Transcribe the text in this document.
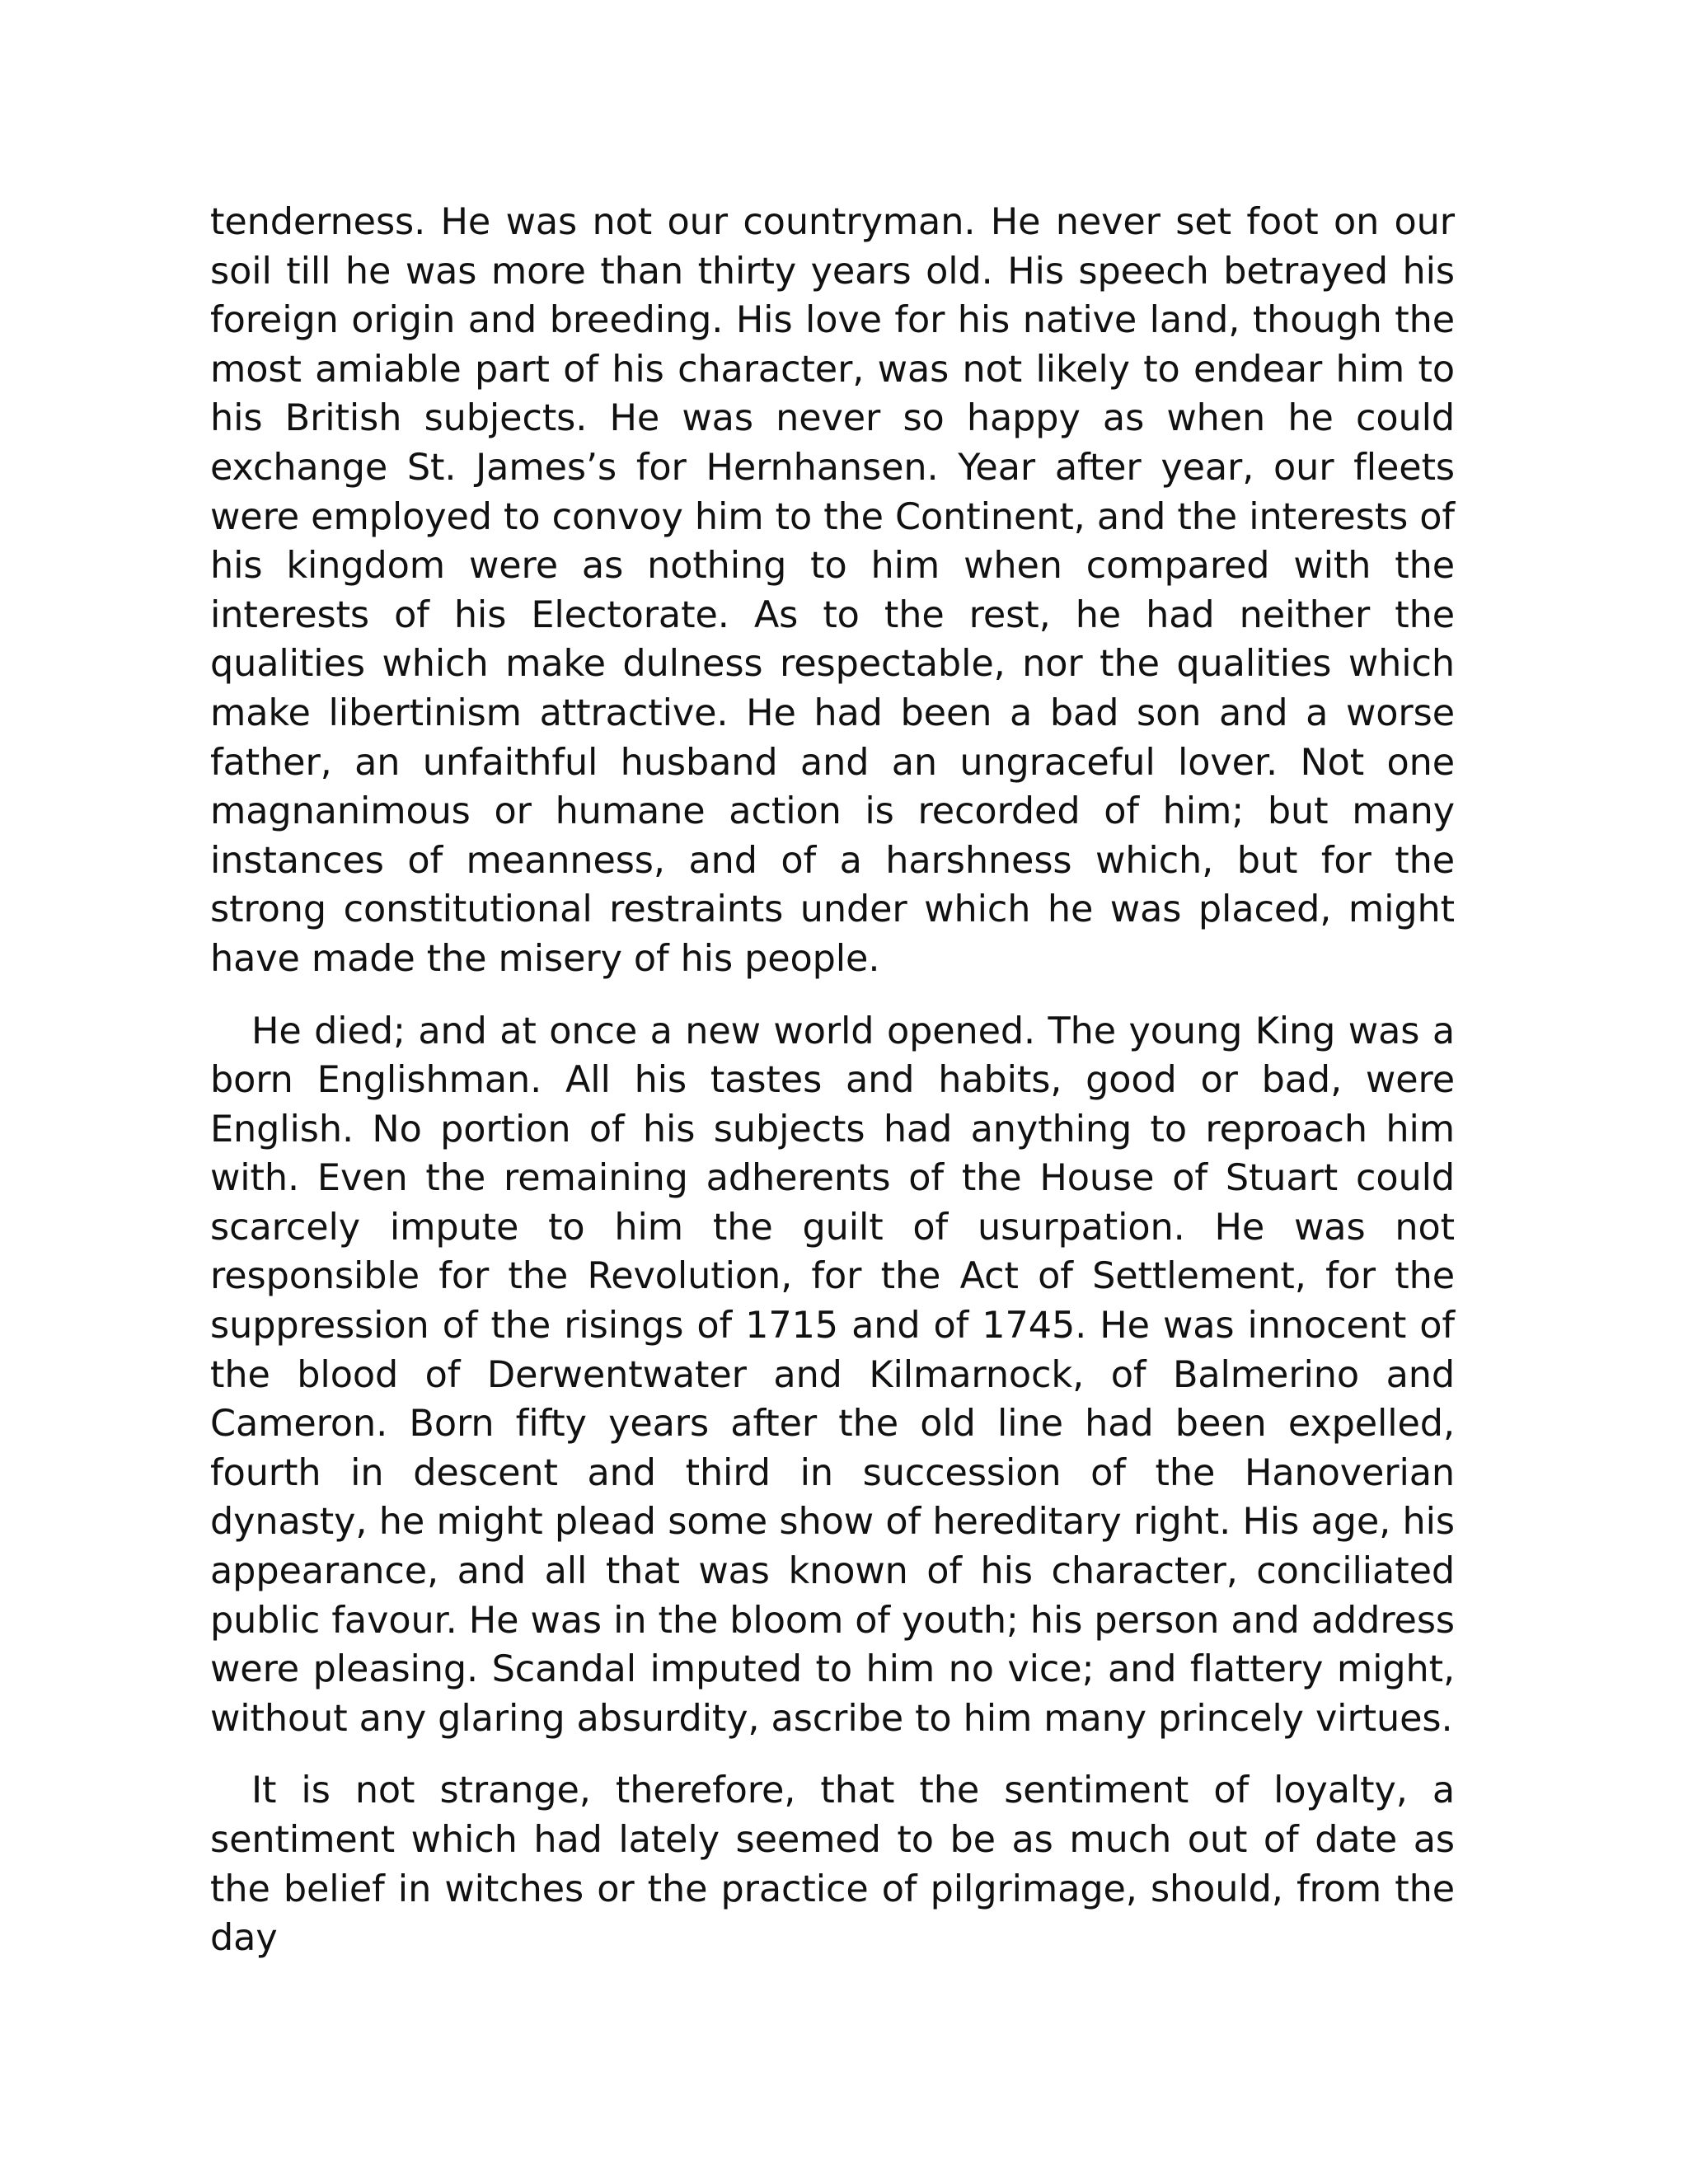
tenderness. He was not our countryman. He never set foot on our soil till he was more than thirty years old. His speech betrayed his foreign origin and breeding. His love for his native land, though the most amiable part of his character, was not likely to endear him to his British subjects. He was never so happy as when he could exchange St. James’s for Hernhansen. Year after year, our fleets were employed to convoy him to the Continent, and the interests of his kingdom were as nothing to him when compared with the interests of his Electorate. As to the rest, he had neither the qualities which make dulness respectable, nor the qualities which make libertinism attractive. He had been a bad son and a worse father, an unfaithful husband and an ungraceful lover. Not one magnanimous or humane action is recorded of him; but many instances of meanness, and of a harshness which, but for the strong constitutional restraints under which he was placed, might have made the misery of his people.

He died; and at once a new world opened. The young King was a born Englishman. All his tastes and habits, good or bad, were English. No portion of his subjects had anything to reproach him with. Even the remaining adherents of the House of Stuart could scarcely impute to him the guilt of usurpation. He was not responsible for the Revolution, for the Act of Settlement, for the suppression of the risings of 1715 and of 1745. He was innocent of the blood of Derwentwater and Kilmarnock, of Balmerino and Cameron. Born fifty years after the old line had been expelled, fourth in descent and third in succession of the Hanoverian dynasty, he might plead some show of hereditary right. His age, his appearance, and all that was known of his character, conciliated public favour. He was in the bloom of youth; his person and address were pleasing. Scandal imputed to him no vice; and flattery might, without any glaring absurdity, ascribe to him many princely virtues.

It is not strange, therefore, that the sentiment of loyalty, a sentiment which had lately seemed to be as much out of date as the belief in witches or the practice of pilgrimage, should, from the day
